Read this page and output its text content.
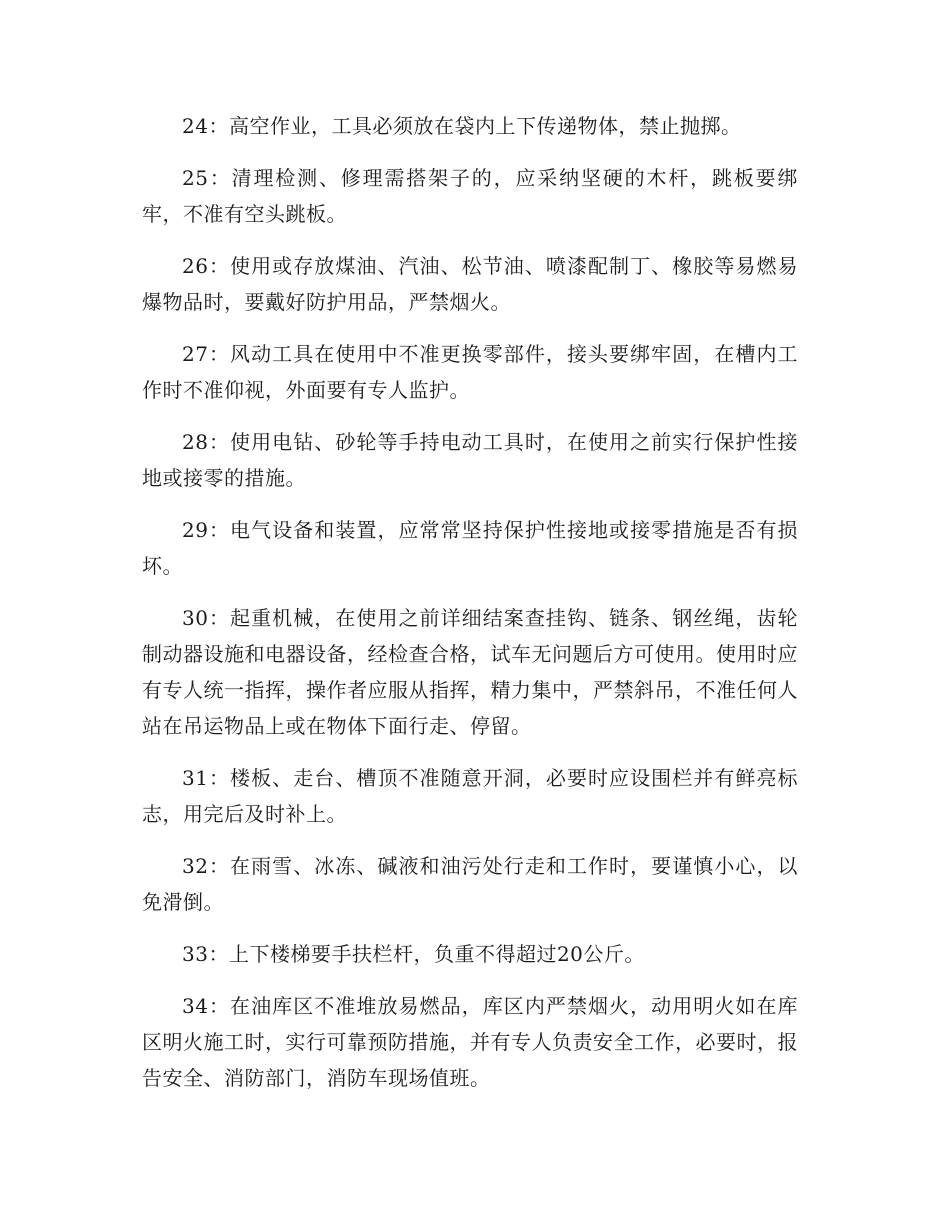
24：高空作业，工具必须放在袋内上下传递物体，禁止抛掷。

25：清理检测、修理需搭架子的，应采纳坚硬的木杆，跳板要绑牢，不准有空头跳板。

26：使用或存放煤油、汽油、松节油、喷漆配制丁、橡胶等易燃易爆物品时，要戴好防护用品，严禁烟火。

27：风动工具在使用中不准更换零部件，接头要绑牢固，在槽内工作时不准仰视，外面要有专人监护。

28：使用电钻、砂轮等手持电动工具时，在使用之前实行保护性接地或接零的措施。

29：电气设备和装置，应常常坚持保护性接地或接零措施是否有损坏。

30：起重机械，在使用之前详细结案查挂钩、链条、钢丝绳，齿轮制动器设施和电器设备，经检查合格，试车无问题后方可使用。使用时应有专人统一指挥，操作者应服从指挥，精力集中，严禁斜吊，不准任何人站在吊运物品上或在物体下面行走、停留。

31：楼板、走台、槽顶不准随意开洞，必要时应设围栏并有鲜亮标志，用完后及时补上。

32：在雨雪、冰冻、碱液和油污处行走和工作时，要谨慎小心，以免滑倒。

33：上下楼梯要手扶栏杆，负重不得超过20公斤。

34：在油库区不准堆放易燃品，库区内严禁烟火，动用明火如在库区明火施工时，实行可靠预防措施，并有专人负责安全工作，必要时，报告安全、消防部门，消防车现场值班。
